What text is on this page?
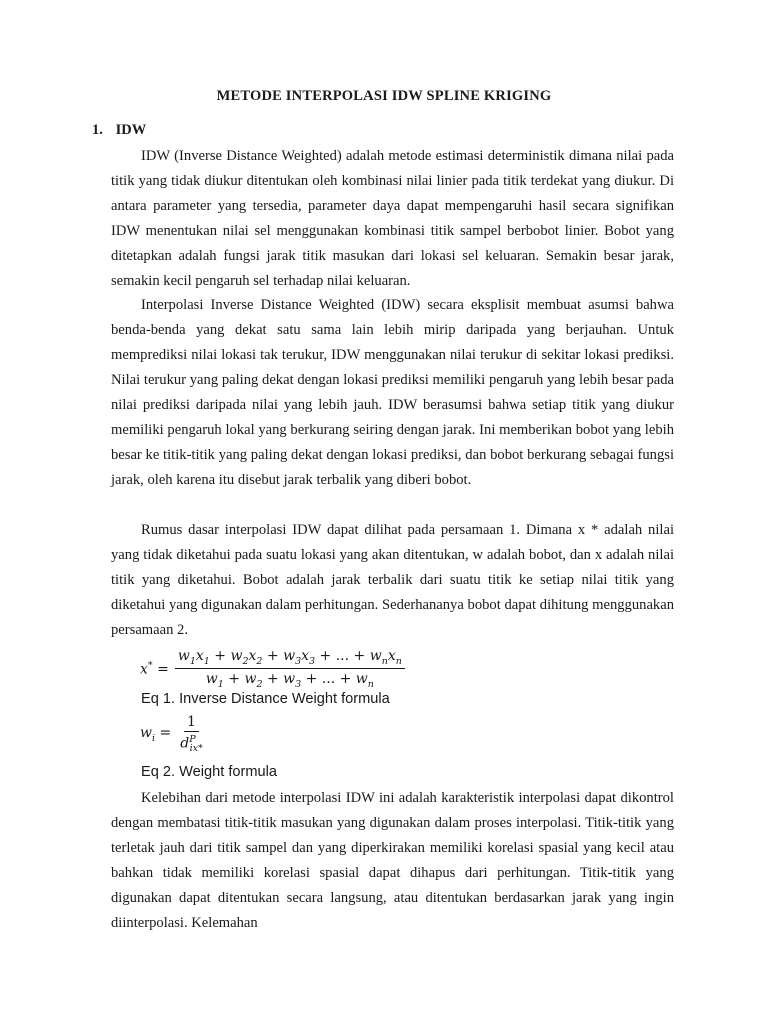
METODE INTERPOLASI IDW SPLINE KRIGING
1. IDW

IDW (Inverse Distance Weighted) adalah metode estimasi deterministik dimana nilai pada titik yang tidak diukur ditentukan oleh kombinasi nilai linier pada titik terdekat yang diukur. Di antara parameter yang tersedia, parameter daya dapat mempengaruhi hasil secara signifikan IDW menentukan nilai sel menggunakan kombinasi titik sampel berbobot linier. Bobot yang ditetapkan adalah fungsi jarak titik masukan dari lokasi sel keluaran. Semakin besar jarak, semakin kecil pengaruh sel terhadap nilai keluaran.

Interpolasi Inverse Distance Weighted (IDW) secara eksplisit membuat asumsi bahwa benda-benda yang dekat satu sama lain lebih mirip daripada yang berjauhan. Untuk memprediksi nilai lokasi tak terukur, IDW menggunakan nilai terukur di sekitar lokasi prediksi. Nilai terukur yang paling dekat dengan lokasi prediksi memiliki pengaruh yang lebih besar pada nilai prediksi daripada nilai yang lebih jauh. IDW berasumsi bahwa setiap titik yang diukur memiliki pengaruh lokal yang berkurang seiring dengan jarak. Ini memberikan bobot yang lebih besar ke titik-titik yang paling dekat dengan lokasi prediksi, dan bobot berkurang sebagai fungsi jarak, oleh karena itu disebut jarak terbalik yang diberi bobot.

Rumus dasar interpolasi IDW dapat dilihat pada persamaan 1. Dimana x * adalah nilai yang tidak diketahui pada suatu lokasi yang akan ditentukan, w adalah bobot, dan x adalah nilai titik yang diketahui. Bobot adalah jarak terbalik dari suatu titik ke setiap nilai titik yang diketahui yang digunakan dalam perhitungan. Sederhananya bobot dapat dihitung menggunakan persamaan 2.

$x^* = \frac{w_1x_1 + w_2x_2 + w_3x_3 + ... + w_nx_n}{w_1 + w_2 + w_3 + ... + w_n}$
Eq 1. Inverse Distance Weight formula
$w_i = \frac{1}{d^P_{ix*}}$
Eq 2. Weight formula

Kelebihan dari metode interpolasi IDW ini adalah karakteristik interpolasi dapat dikontrol dengan membatasi titik-titik masukan yang digunakan dalam proses interpolasi. Titik-titik yang terletak jauh dari titik sampel dan yang diperkirakan memiliki korelasi spasial yang kecil atau bahkan tidak memiliki korelasi spasial dapat dihapus dari perhitungan. Titik-titik yang digunakan dapat ditentukan secara langsung, atau ditentukan berdasarkan jarak yang ingin diinterpolasi. Kelemahan
